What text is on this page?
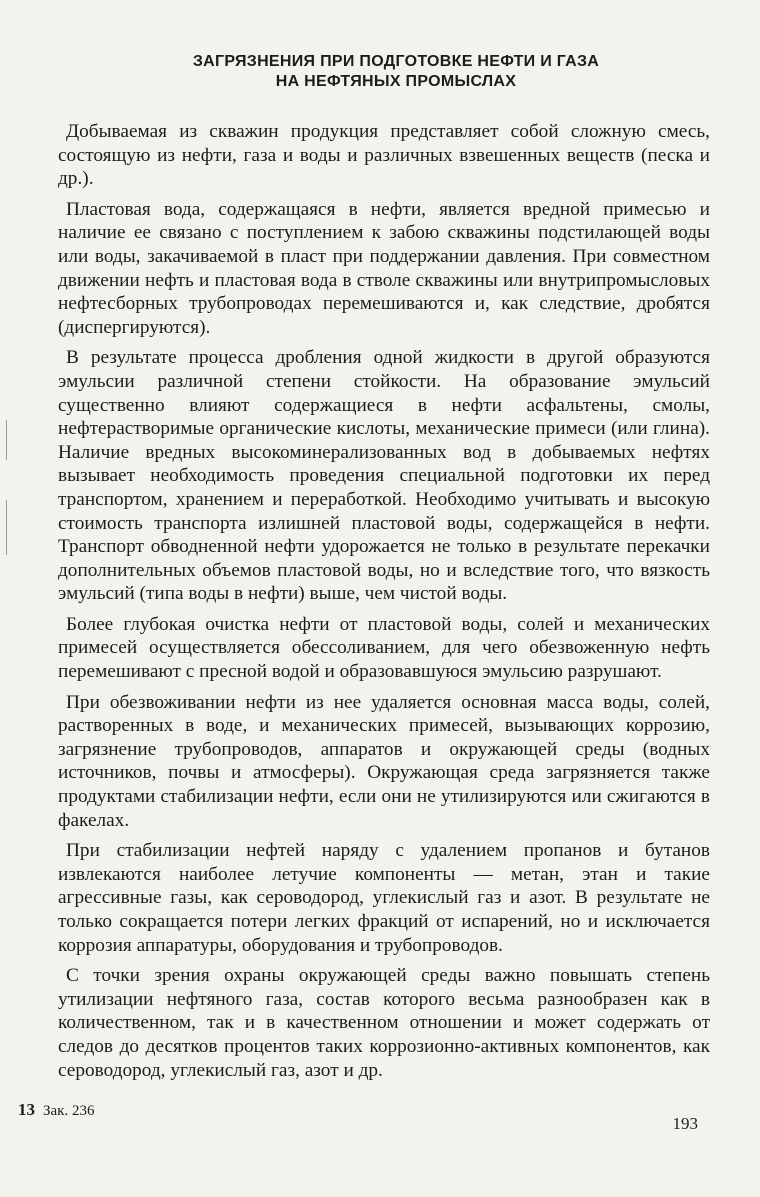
ЗАГРЯЗНЕНИЯ ПРИ ПОДГОТОВКЕ НЕФТИ И ГАЗА
НА НЕФТЯНЫХ ПРОМЫСЛАХ

Добываемая из скважин продукция представляет собой сложную смесь, состоящую из нефти, газа и воды и различных взвешенных веществ (песка и др.).

Пластовая вода, содержащаяся в нефти, является вредной примесью и наличие ее связано с поступлением к забою скважины подстилающей воды или воды, закачиваемой в пласт при поддержании давления. При совместном движении нефть и пластовая вода в стволе скважины или внутрипромысловых нефтесборных трубопроводах перемешиваются и, как следствие, дробятся (диспергируются).

В результате процесса дробления одной жидкости в другой образуются эмульсии различной степени стойкости. На образование эмульсий существенно влияют содержащиеся в нефти асфальтены, смолы, нефтерастворимые органические кислоты, механические примеси (или глина). Наличие вредных высокоминерализованных вод в добываемых нефтях вызывает необходимость проведения специальной подготовки их перед транспортом, хранением и переработкой. Необходимо учитывать и высокую стоимость транспорта излишней пластовой воды, содержащейся в нефти. Транспорт обводненной нефти удорожается не только в результате перекачки дополнительных объемов пластовой воды, но и вследствие того, что вязкость эмульсий (типа воды в нефти) выше, чем чистой воды.

Более глубокая очистка нефти от пластовой воды, солей и механических примесей осуществляется обессоливанием, для чего обезвоженную нефть перемешивают с пресной водой и образовавшуюся эмульсию разрушают.

При обезвоживании нефти из нее удаляется основная масса воды, солей, растворенных в воде, и механических примесей, вызывающих коррозию, загрязнение трубопроводов, аппаратов и окружающей среды (водных источников, почвы и атмосферы). Окружающая среда загрязняется также продуктами стабилизации нефти, если они не утилизируются или сжигаются в факелах.

При стабилизации нефтей наряду с удалением пропанов и бутанов извлекаются наиболее летучие компоненты — метан, этан и такие агрессивные газы, как сероводород, углекислый газ и азот. В результате не только сокращается потери легких фракций от испарений, но и исключается коррозия аппаратуры, оборудования и трубопроводов.

С точки зрения охраны окружающей среды важно повышать степень утилизации нефтяного газа, состав которого весьма разнообразен как в количественном, так и в качественном отношении и может содержать от следов до десятков процентов таких коррозионно-активных компонентов, как сероводород, углекислый газ, азот и др.

13 Зак. 236
193
